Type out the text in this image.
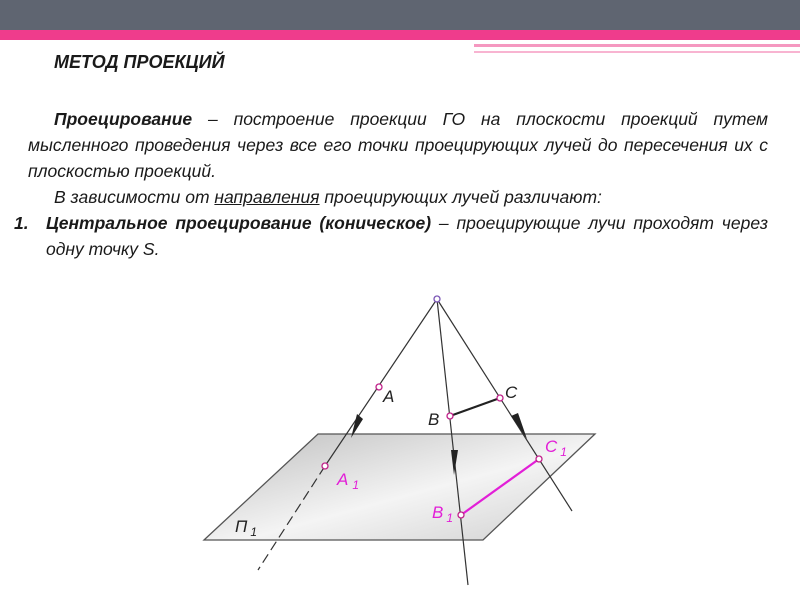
МЕТОД ПРОЕКЦИЙ

Проецирование – построение проекции ГО на плоскости проекций путем мысленного проведения через все его точки проецирующих лучей до пересечения их с плоскостью проекций.

В зависимости от направления проецирующих лучей различают:

1. Центральное проецирование (коническое) – проецирующие лучи проходят через одну точку S.
A
B
C
A $_1$
B $_1$
C $_1$
П $_1$
